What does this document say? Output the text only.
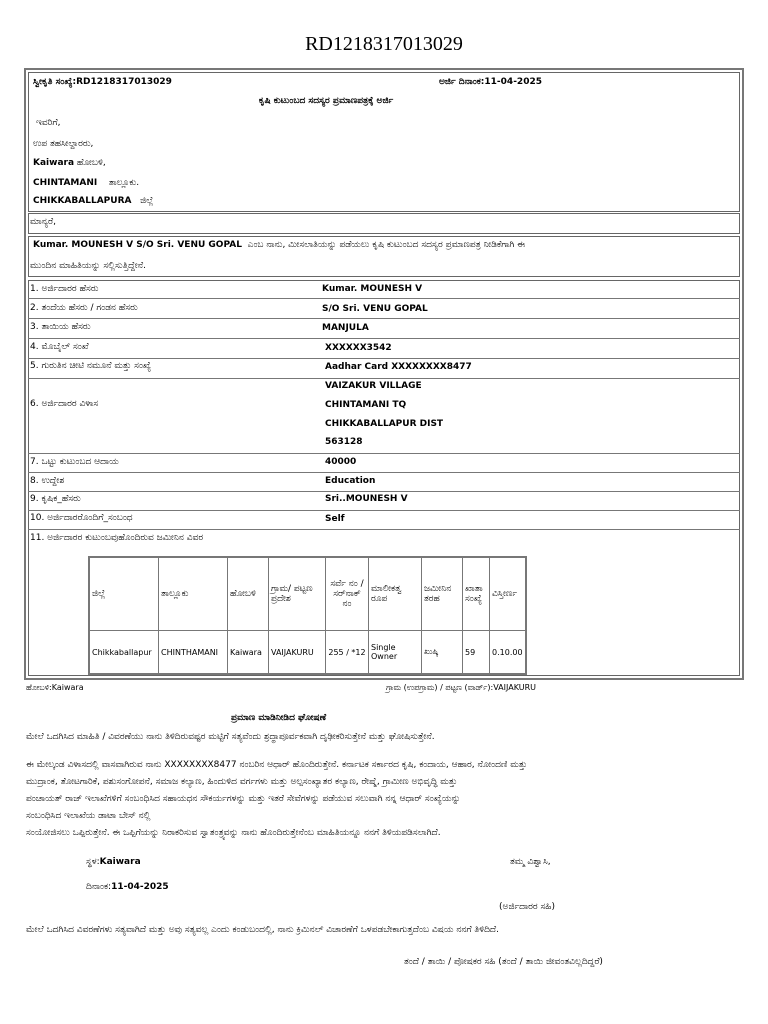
RD1218317013029
ಸ್ವೀಕೃತಿ ಸಂಖ್ಯೆ:RD1218317013029	ಅರ್ಜಿ ದಿನಾಂಕ:11-04-2025
ಕೃಷಿ ಕುಟುಂಬದ ಸದಸ್ಯರ ಪ್ರಮಾಣಪತ್ರಕ್ಕೆ ಅರ್ಜಿ
ಇವರಿಗೆ,
ಉಪ ತಹಸೀಲ್ದಾರರು,
Kaiwara ಹೋಬಳಿ,
CHINTAMANI ತಾಲ್ಲೂಕು.
CHIKKABALLAPURA ಜಿಲ್ಲೆ
ಮಾನ್ಯರೆ,
Kumar. MOUNESH V S/O Sri. VENU GOPAL ಎಂಬ ನಾನು, ಮೀಸಲಾತಿಯನ್ನು ಪಡೆಯಲು ಕೃಷಿ ಕುಟುಂಬದ ಸದಸ್ಯರ ಪ್ರಮಾಣಪತ್ರ ನೀಡಿಕೆಗಾಗಿ ಈ
ಮುಂದಿನ ಮಾಹಿತಿಯನ್ನು ಸಲ್ಲಿಸುತ್ತಿದ್ದೇನೆ.
1. ಅರ್ಜಿದಾರರ ಹೆಸರು	Kumar. MOUNESH V
2. ತಂದೆಯ ಹೆಸರು / ಗಂಡನ ಹೆಸರು	S/O Sri. VENU GOPAL
3. ತಾಯಿಯ ಹೆಸರು	MANJULA
4. ಮೊಬೈಲ್ ಸಂಖೆ	XXXXXX3542
5. ಗುರುತಿನ ಚೀಟಿ ನಮೂನೆ ಮತ್ತು ಸಂಖ್ಯೆ	Aadhar Card XXXXXXXX8477
6. ಅರ್ಜಿದಾರರ ವಿಳಾಸ
VAIZAKUR VILLAGE
CHINTAMANI TQ
CHIKKABALLAPUR DIST
563128
7. ಒಟ್ಟು ಕುಟುಂಬದ ಆದಾಯ	40000
8. ಉದ್ದೇಶ	Education
9. ಕೃಷಿಕ_ಹೆಸರು	Sri..MOUNESH V
10. ಅರ್ಜಿದಾರರೊಂದಿಗೆ_ಸಂಬಂಧ	Self
11. ಅರ್ಜಿದಾರರ ಕುಟುಂಬವುಹೊಂದಿರುವ ಜಮೀನಿನ ವಿವರ
ಜಿಲ್ಲೆ	ತಾಲ್ಲೂಕು	ಹೋಬಳಿ	ಗ್ರಾಮ/ ಪಟ್ಟಣ ಪ್ರದೇಶ	ಸರ್ವೆ ನಂ / ಸರ್‌ನಾಕ್ ನಂ	ಮಾಲೀಕತ್ವ ರೂಪ	ಜಮೀನಿನ ತರಹ	ಖಾತಾ ಸಂಖ್ಯೆ	ವಿಸ್ತೀರ್ಣ
Chikkaballapur	CHINTHAMANI	Kaiwara	VAIJAKURU	255 / *12	Single Owner	ಖುಷ್ಕಿ	59	0.10.00
ಹೋಬಳಿ:Kaiwara	ಗ್ರಾಮ (ಉಪಗ್ರಾಮ) / ಪಟ್ಟಣ (ವಾರ್ಡ್):VAIJAKURU
ಪ್ರಮಾಣ ಮಾಡಿನೀಡಿದ ಘೋಷಣೆ
ಮೇಲೆ ಒದಗಿಸಿದ ಮಾಹಿತಿ / ವಿವರಣೆಯು ನಾನು ತಿಳಿದಿರುವಷ್ಟರ ಮಟ್ಟಿಗೆ ಸತ್ಯವೆಂದು ಶ್ರದ್ಧಾಪೂರ್ವಕವಾಗಿ ದೃಢೀಕರಿಸುತ್ತೇನೆ ಮತ್ತು ಘೋಷಿಸುತ್ತೇನೆ.
ಈ ಮೇಲ್ಕಂಡ ವಿಳಾಸದಲ್ಲಿ ವಾಸವಾಗಿರುವ ನಾನು XXXXXXXX8477 ನಂಬರಿನ ಆಧಾರ್ ಹೊಂದಿರುತ್ತೇನೆ. ಕರ್ನಾಟಕ ಸರ್ಕಾರದ ಕೃಷಿ, ಕಂದಾಯ, ಆಹಾರ, ನೋಂದಣಿ ಮತ್ತು
ಮುದ್ರಾಂಕ, ತೋಟಗಾರಿಕೆ, ಪಶುಸಂಗೋಪನೆ, ಸಮಾಜ ಕಲ್ಯಾಣ, ಹಿಂದುಳಿದ ವರ್ಗಗಳು ಮತ್ತು ಅಲ್ಪಸಂಖ್ಯಾತರ ಕಲ್ಯಾಣ, ರೇಷ್ಮೆ, ಗ್ರಾಮೀಣ ಅಭಿವೃದ್ಧಿ ಮತ್ತು
ಪಂಚಾಯತ್ ರಾಜ್ ಇಲಾಖೆಗಳಿಗೆ ಸಂಬಂಧಿಸಿದ ಸಹಾಯಧನ ಸೌಕರ್ಯಗಳನ್ನು ಮತ್ತು ಇತರೆ ಸೇವೆಗಳನ್ನು ಪಡೆಯುವ ಸಲುವಾಗಿ ನನ್ನ ಆಧಾರ್ ಸಂಖ್ಯೆಯನ್ನು
ಸಂಬಂಧಿಸಿದ ಇಲಾಖೆಯ ಡಾಟಾ ಬೇಸ್ ನಲ್ಲಿ
ಸಂಯೋಜಿಸಲು ಒಪ್ಪಿರುತ್ತೇನೆ. ಈ ಒಪ್ಪಿಗೆಯನ್ನು ನಿರಾಕರಿಸುವ ಸ್ವಾತಂತ್ರ್ಯವನ್ನು ನಾನು ಹೊಂದಿರುತ್ತೇನೆಂಬ ಮಾಹಿತಿಯನ್ನೂ ನನಗೆ ತಿಳಿಯಪಡಿಸಲಾಗಿದೆ.
ಸ್ಥಳ:Kaiwara	ತಮ್ಮ ವಿಶ್ವಾಸಿ,
ದಿನಾಂಕ:11-04-2025
(ಅರ್ಜಿದಾರರ ಸಹಿ)
ಮೇಲೆ ಒದಗಿಸಿದ ವಿವರಣೆಗಳು ಸತ್ಯವಾಗಿದೆ ಮತ್ತು ಅವು ಸತ್ಯವಲ್ಲ ಎಂದು ಕಂಡುಬಂದಲ್ಲಿ, ನಾನು ಕ್ರಿಮಿನಲ್ ವಿಚಾರಣೆಗೆ ಒಳಪಡಬೇಕಾಗುತ್ತದೆಂಬ ವಿಷಯ ನನಗೆ ತಿಳಿದಿದೆ.
ತಂದೆ / ತಾಯಿ / ಪೋಷಕರ ಸಹಿ (ತಂದೆ / ತಾಯಿ ಜೀವಂತವಿಲ್ಲದಿದ್ದರೆ)
